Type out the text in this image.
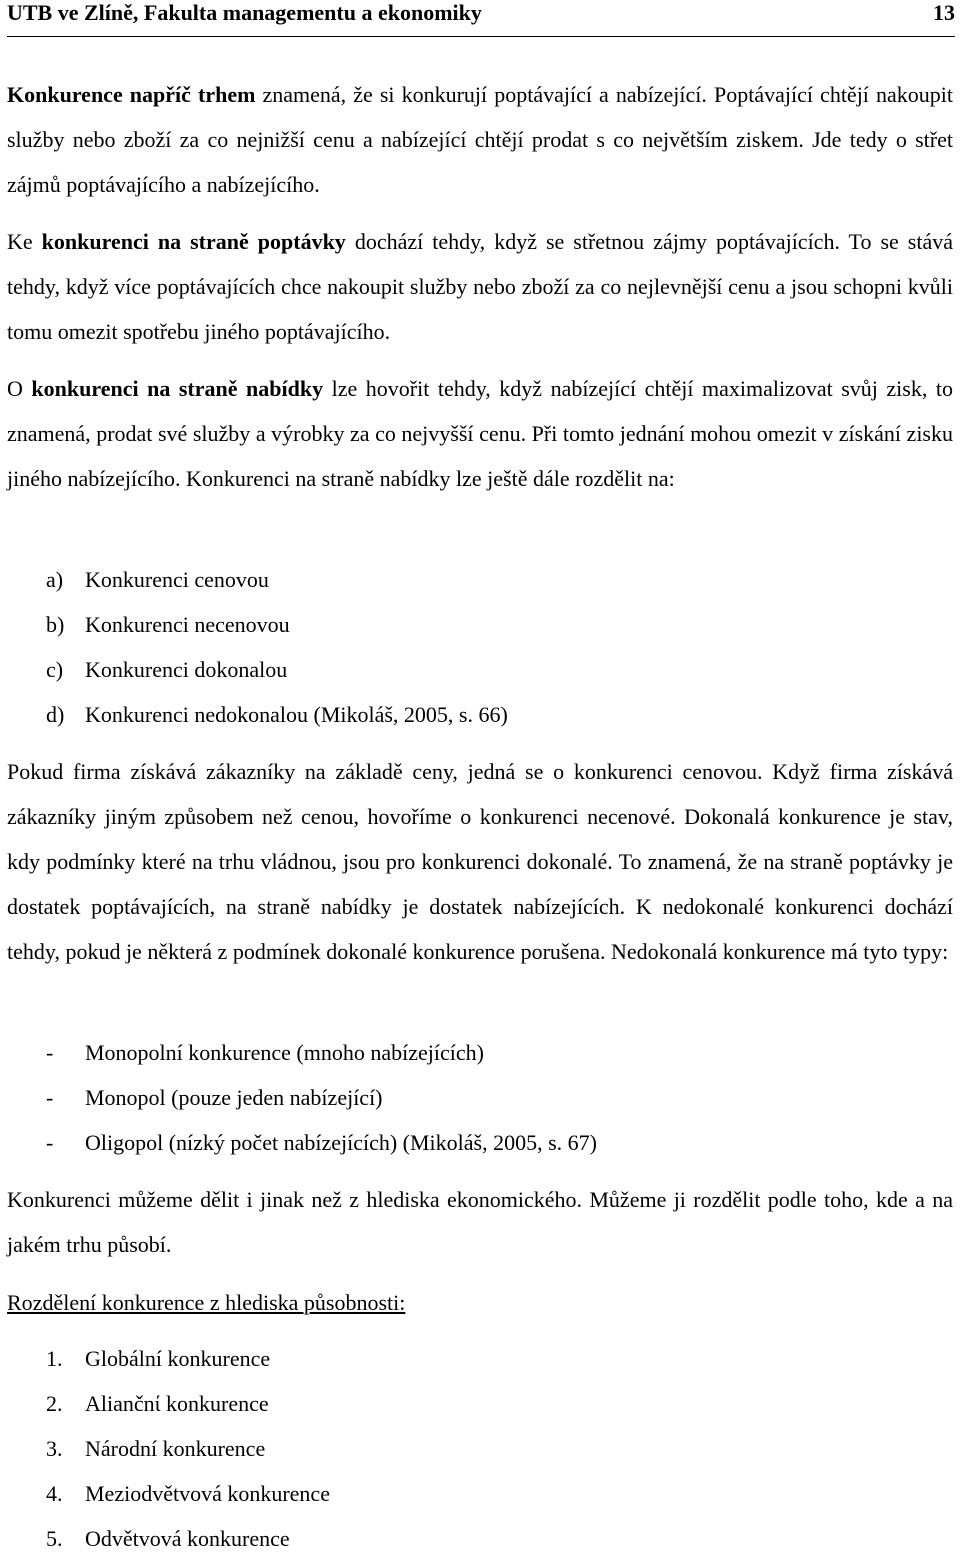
UTB ve Zlíně, Fakulta managementu a ekonomiky	13

Konkurence napříč trhem znamená, že si konkurují poptávající a nabízející. Poptávající chtějí nakoupit služby nebo zboží za co nejnižší cenu a nabízející chtějí prodat s co největším ziskem. Jde tedy o střet zájmů poptávajícího a nabízejícího.

Ke konkurenci na straně poptávky dochází tehdy, když se střetnou zájmy poptávajících. To se stává tehdy, když více poptávajících chce nakoupit služby nebo zboží za co nejlevnější cenu a jsou schopni kvůli tomu omezit spotřebu jiného poptávajícího.

O konkurenci na straně nabídky lze hovořit tehdy, když nabízející chtějí maximalizovat svůj zisk, to znamená, prodat své služby a výrobky za co nejvyšší cenu. Při tomto jednání mohou omezit v získání zisku jiného nabízejícího. Konkurenci na straně nabídky lze ještě dále rozdělit na:

a) Konkurenci cenovou
b) Konkurenci necenovou
c) Konkurenci dokonalou
d) Konkurenci nedokonalou (Mikoláš, 2005, s. 66)

Pokud firma získává zákazníky na základě ceny, jedná se o konkurenci cenovou. Když firma získává zákazníky jiným způsobem než cenou, hovoříme o konkurenci necenové. Dokonalá konkurence je stav, kdy podmínky které na trhu vládnou, jsou pro konkurenci dokonalé. To znamená, že na straně poptávky je dostatek poptávajících, na straně nabídky je dostatek nabízejících. K nedokonalé konkurenci dochází tehdy, pokud je některá z podmínek dokonalé konkurence porušena. Nedokonalá konkurence má tyto typy:

- Monopolní konkurence (mnoho nabízejících)
- Monopol (pouze jeden nabízející)
- Oligopol (nízký počet nabízejících) (Mikoláš, 2005, s. 67)

Konkurenci můžeme dělit i jinak než z hlediska ekonomického. Můžeme ji rozdělit podle toho, kde a na jakém trhu působí.

Rozdělení konkurence z hlediska působnosti:

1. Globální konkurence
2. Aliančnί konkurence
3. Národní konkurence
4. Meziodvětvová konkurence
5. Odvětvová konkurence
